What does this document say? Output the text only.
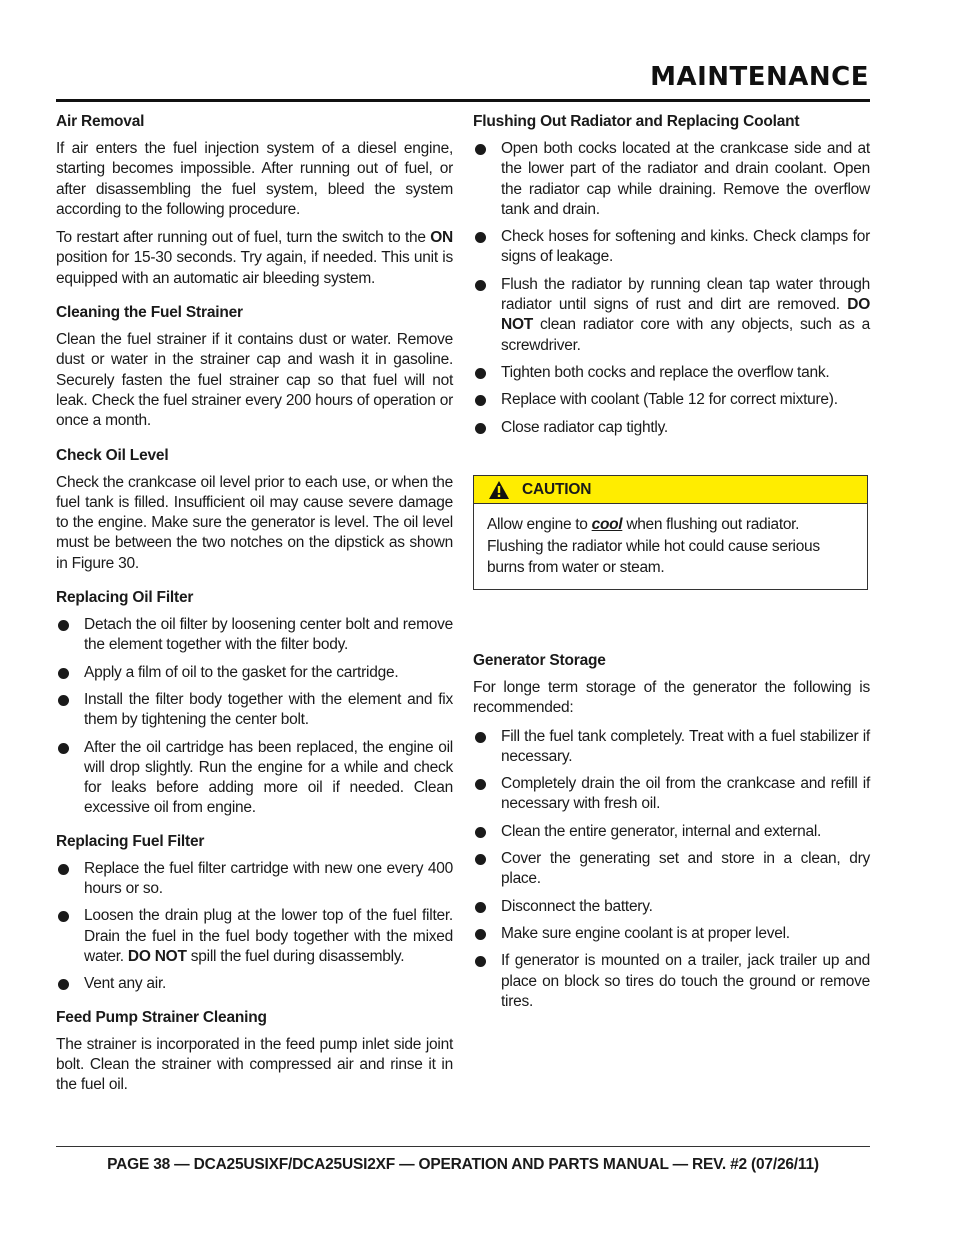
MAINTENANCE
Air Removal

If air enters the fuel injection system of a diesel engine, starting becomes impossible. After running out of fuel, or after disassembling the fuel system, bleed the system according to the following procedure.

To restart after running out of fuel, turn the switch to the ON position for 15-30 seconds. Try again, if needed. This unit is equipped with an automatic air bleeding system.

Cleaning the Fuel Strainer

Clean the fuel strainer if it contains dust or water. Remove dust or water in the strainer cap and wash it in gasoline. Securely fasten the fuel strainer cap so that fuel will not leak. Check the fuel strainer every 200 hours of operation or once a month.

Check Oil Level

Check the crankcase oil level prior to each use, or when the fuel tank is filled. Insufficient oil may cause severe damage to the engine. Make sure the generator is level. The oil level must be between the two notches on the dipstick as shown in Figure 30.

Replacing Oil Filter
Detach the oil filter by loosening center bolt and remove the element together with the filter body.
Apply a film of oil to the gasket for the cartridge.
Install the filter body together with the element and fix them by tightening the center bolt.
After the oil cartridge has been replaced, the engine oil will drop slightly. Run the engine for a while and check for leaks before adding more oil if needed. Clean excessive oil from engine.
Replacing Fuel Filter
Replace the fuel filter cartridge with new one every 400 hours or so.
Loosen the drain plug at the lower top of the fuel filter. Drain the fuel in the fuel body together with the mixed water. DO NOT spill the fuel during disassembly.
Vent any air.
Feed Pump Strainer Cleaning

The strainer is incorporated in the feed pump inlet side joint bolt. Clean the strainer with compressed air and rinse it in the fuel oil.

Flushing Out Radiator and Replacing Coolant
Open both cocks located at the crankcase side and at the lower part of the radiator and drain coolant. Open the radiator cap while draining. Remove the overflow tank and drain.
Check hoses for softening and kinks. Check clamps for signs of leakage.
Flush the radiator by running clean tap water through radiator until signs of rust and dirt are removed. DO NOT clean radiator core with any objects, such as a screwdriver.
Tighten both cocks and replace the overflow tank.
Replace with coolant (Table 12 for correct mixture).
Close radiator cap tightly.
CAUTION
Allow engine to cool when flushing out radiator. Flushing the radiator while hot could cause serious burns from water or steam.
Generator Storage

For longe term storage of the generator the following is recommended:

Fill the fuel tank completely. Treat with a fuel stabilizer if necessary.
Completely drain the oil from the crankcase and refill if necessary with fresh oil.
Clean the entire generator, internal and external.
Cover the generating set and store in a clean, dry place.
Disconnect the battery.
Make sure engine coolant is at proper level.
If generator is mounted on a trailer, jack trailer up and place on block so tires do touch the ground or remove tires.
PAGE 38 — DCA25USIXF/DCA25USI2XF — OPERATION AND PARTS MANUAL — REV. #2 (07/26/11)
